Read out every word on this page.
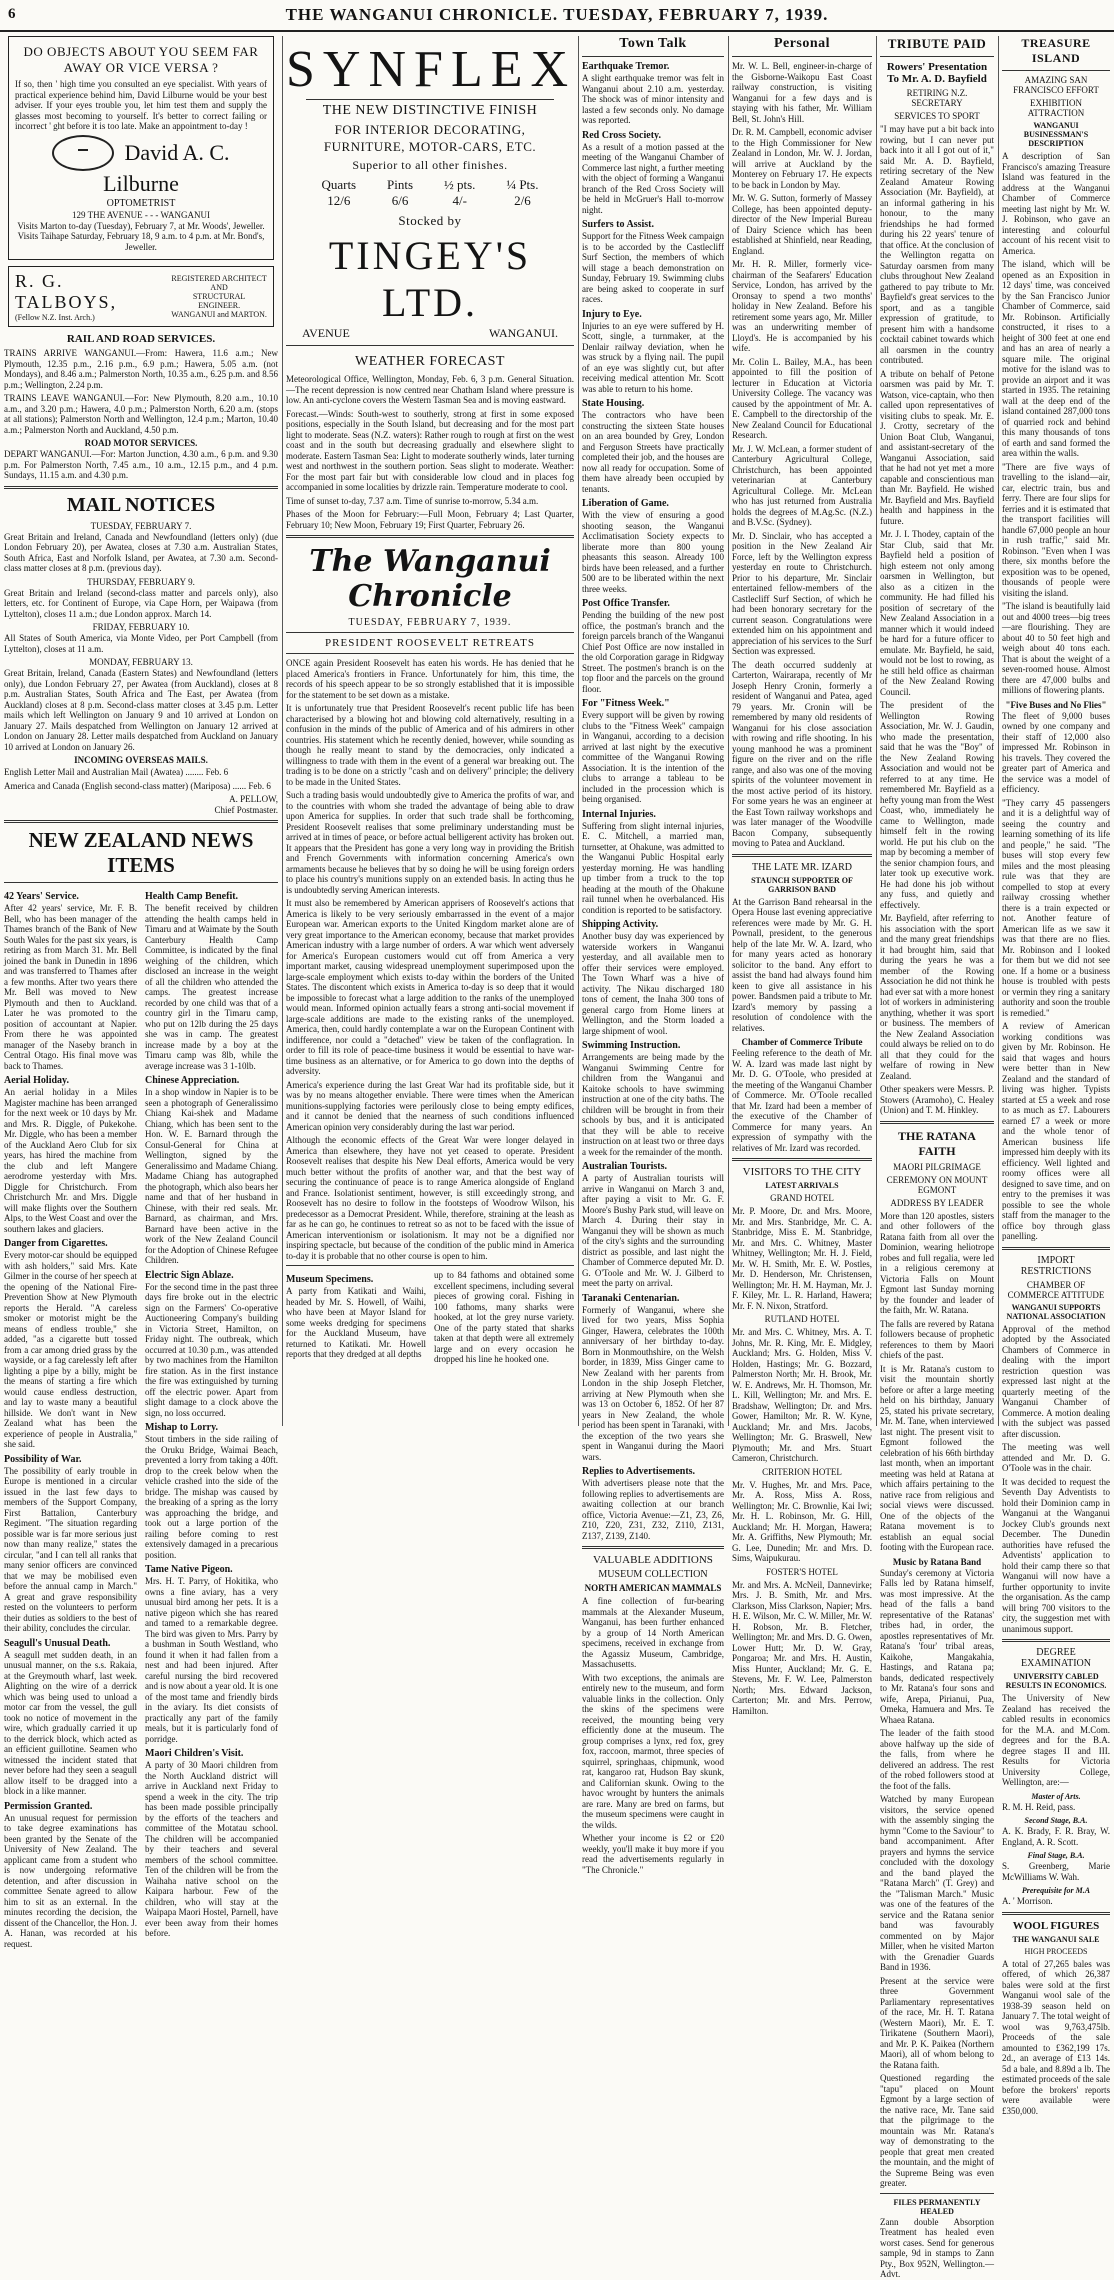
6	THE WANGANUI CHRONICLE. TUESDAY, FEBRUARY 7, 1939.
DO OBJECTS ABOUT YOU SEEM FAR AWAY OR VICE VERSA ?

If so, then ' high time you consulted an eye specialist. With years of practical experience behind him, David Lilburne would be your best adviser. If your eyes trouble you, let him test them and supply the glasses most becoming to yourself. It's better to correct failing or incorrect ' ght before it is too late. Make an appointment to-day !

David A. C. Lilburne
OPTOMETRIST
129 THE AVENUE - - - WANGANUI

Visits Marton to-day (Tuesday), February 7, at Mr. Woods', Jeweller. Visits Taihape Saturday, February 18, 9 a.m. to 4 p.m. at Mr. Bond's, Jeweller.

R. G. TALBOYS,
(Fellow N.Z. Inst. Arch.)
REGISTERED ARCHITECT
AND
STRUCTURAL ENGINEER.
WANGANUI and MARTON.
RAIL AND ROAD SERVICES.

TRAINS ARRIVE WANGANUI.—From: Hawera, 11.6 a.m.; New Plymouth, 12.35 p.m., 2.16 p.m., 6.9 p.m.; Hawera, 5.05 a.m. (not Mondays), and 8.46 a.m.; Palmerston North, 10.35 a.m., 6.25 p.m. and 8.56 p.m.; Wellington, 2.24 p.m.

TRAINS LEAVE WANGANUI.—For: New Plymouth, 8.20 a.m., 10.10 a.m., and 3.20 p.m.; Hawera, 4.0 p.m.; Palmerston North, 6.20 a.m. (stops at all stations); Palmerston North and Wellington, 12.4 p.m.; Marton, 10.40 a.m.; Palmerston North and Auckland, 4.50 p.m.

ROAD MOTOR SERVICES.

DEPART WANGANUI.—For: Marton Junction, 4.30 a.m., 6 p.m. and 9.30 p.m. For Palmerston North, 7.45 a.m., 10 a.m., 12.15 p.m., and 4 p.m. Sundays, 11.15 a.m. and 4.30 p.m.

MAIL NOTICES
TUESDAY, FEBRUARY 7.

Great Britain and Ireland, Canada and Newfoundland (letters only) (due London February 20), per Awatea, closes at 7.30 a.m. Australian States, South Africa, East and Norfolk Island, per Awatea, at 7.30 a.m. Second-class matter closes at 8 p.m. (previous day).

THURSDAY, FEBRUARY 9.

Great Britain and Ireland (second-class matter and parcels only), also letters, etc. for Continent of Europe, via Cape Horn, per Waipawa (from Lyttelton), closes 11 a.m.; due London approx. March 14.

FRIDAY, FEBRUARY 10.

All States of South America, via Monte Video, per Port Campbell (from Lyttelton), closes at 11 a.m.

MONDAY, FEBRUARY 13.

Great Britain, Ireland, Canada (Eastern States) and Newfoundland (letters only), due London February 27, per Awatea (from Auckland), closes at 8 p.m. Australian States, South Africa and The East, per Awatea (from Auckland) closes at 8 p.m. Second-class matter closes at 3.45 p.m. Letter mails which left Wellington on January 9 and 10 arrived at London on January 27. Mails despatched from Wellington on January 12 arrived at London on January 28. Letter mails despatched from Auckland on January 10 arrived at London on January 26.

INCOMING OVERSEAS MAILS.

English Letter Mail and Australian Mail (Awatea) ........ Feb. 6

America and Canada (English second-class matter) (Mariposa) ...... Feb. 6

A. PELLOW,

Chief Postmaster.

NEW ZEALAND NEWS ITEMS
42 Years' Service.

After 42 years' service, Mr. F. B. Bell, who has been manager of the Thames branch of the Bank of New South Wales for the past six years, is retiring as from March 31. Mr. Bell joined the bank in Dunedin in 1896 and was transferred to Thames after a few months. After two years there Mr. Bell was moved to New Plymouth and then to Auckland. Later he was promoted to the position of accountant at Napier. From there he was appointed manager of the Naseby branch in Central Otago. His final move was back to Thames.

Aerial Holiday.

An aerial holiday in a Miles Magister machine has been arranged for the next week or 10 days by Mr. and Mrs. R. Diggle, of Pukekohe. Mr. Diggle, who has been a member of the Auckland Aero Club for six years, has hired the machine from the club and left Mangere aerodrome yesterday with Mrs. Diggle for Christchurch. From Christchurch Mr. and Mrs. Diggle will make flights over the Southern Alps, to the West Coast and over the southern lakes and glaciers.

Danger from Cigarettes.

Every motor-car should be equipped with ash holders," said Mrs. Kate Gilmer in the course of her speech at the opening of the National Fire-Prevention Show at New Plymouth reports the Herald. "A careless smoker or motorist might be the means of endless trouble," she added, "as a cigarette butt tossed from a car among dried grass by the wayside, or a fag carelessly left after lighting a pipe by a billy, might be the means of starting a fire which would cause endless destruction, and lay to waste many a beautiful hillside. We don't want in New Zealand what has been the experience of people in Australia," she said.

Possibility of War.

The possibility of early trouble in Europe is mentioned in a circular issued in the last few days to members of the Support Company, First Battalion, Canterbury Regiment. "The situation regarding possible war is far more serious just now than many realize," states the circular, "and I can tell all ranks that many senior officers are convinced that we may be mobilised even before the annual camp in March." A great and grave responsibility rested on the volunteers to perform their duties as soldiers to the best of their ability, concludes the circular.

Seagull's Unusual Death.

A seagull met sudden death, in an unusual manner, on the s.s. Rakaia, at the Greymouth wharf, last week. Alighting on the wire of a derrick which was being used to unload a motor car from the vessel, the gull took no notice of movement in the wire, which gradually carried it up to the derrick block, which acted as an efficient guillotine. Seamen who witnessed the incident stated that never before had they seen a seagull allow itself to be dragged into a block in a like manner.

Permission Granted.

An unusual request for permission to take degree examinations has been granted by the Senate of the University of New Zealand. The applicant came from a student who is now undergoing reformative detention, and after discussion in committee Senate agreed to allow him to sit as an external. In the minutes recording the decision, the dissent of the Chancellor, the Hon. J. A. Hanan, was recorded at his request.

Health Camp Benefit.

The benefit received by children attending the health camps held in Timaru and at Waimate by the South Canterbury Health Camp Committee, is indicated by the final weighing of the children, which disclosed an increase in the weight of all the children who attended the camps. The greatest increase recorded by one child was that of a country girl in the Timaru camp, who put on 12lb during the 25 days she was in camp. The greatest increase made by a boy at the Timaru camp was 8lb, while the average increase was 3 1-10lb.

Chinese Appreciation.

In a shop window in Napier is to be seen a photograph of Generalissimo Chiang Kai-shek and Madame Chiang, which has been sent to the Hon. W. E. Barnard through the Consul-General for China at Wellington, signed by the Generalissimo and Madame Chiang. Madame Chiang has autographed the photograph, which also bears her name and that of her husband in Chinese, with their red seals. Mr. Barnard, as chairman, and Mrs. Barnard have been active in the work of the New Zealand Council for the Adoption of Chinese Refugee Children.

Electric Sign Ablaze.

For the second time in the past three days fire broke out in the electric sign on the Farmers' Co-operative Auctioneering Company's building in Victoria Street, Hamilton, on Friday night. The outbreak, which occurred at 10.30 p.m., was attended by two machines from the Hamilton fire station. As in the first instance the fire was extinguished by turning off the electric power. Apart from slight damage to a clock above the sign, no loss occurred.

Mishap to Lorry.

Stout timbers in the side railing of the Oruku Bridge, Waimai Beach, prevented a lorry from taking a 40ft. drop to the creek below when the vehicle crashed into the side of the bridge. The mishap was caused by the breaking of a spring as the lorry was approaching the bridge, and took out a large portion of the railing before coming to rest extensively damaged in a precarious position.

Tame Native Pigeon.

Mrs. H. T. Parry, of Hokitika, who owns a fine aviary, has a very unusual bird among her pets. It is a native pigeon which she has reared and tamed to a remarkable degree. The bird was given to Mrs. Parry by a bushman in South Westland, who found it when it had fallen from a nest and had been injured. After careful nursing the bird recovered and is now about a year old. It is one of the most tame and friendly birds in the aviary. Its diet consists of practically any part of the family meals, but it is particularly fond of porridge.

Maori Children's Visit.

A party of 30 Maori children from the North Auckland district will arrive in Auckland next Friday to spend a week in the city. The trip has been made possible principally by the efforts of the teachers and committee of the Motatau school. The children will be accompanied by their teachers and several members of the school committee. Ten of the children will be from the Waihaha native school on the Kaipara harbour. Few of the children, who will stay at the Waipapa Maori Hostel, Parnell, have ever been away from their homes before.

SYNFLEX
THE NEW DISTINCTIVE FINISH
FOR INTERIOR DECORATING,
FURNITURE, MOTOR-CARS, ETC.
Superior to all other finishes.
Quarts
12/6
Pints
6/6
½ pts.
4/-
¼ Pts.
2/6
Stocked by
TINGEY'S LTD.
AVENUE	WANGANUI.
WEATHER FORECAST

Meteorological Office, Wellington, Monday, Feb. 6, 3 p.m. General Situation.—The recent depression is now centred near Chatham Island where pressure is low. An anti-cyclone covers the Western Tasman Sea and is moving eastward.

Forecast.—Winds: South-west to southerly, strong at first in some exposed positions, especially in the South Island, but decreasing and for the most part light to moderate. Seas (N.Z. waters): Rather rough to rough at first on the west coast and in the south but decreasing gradually and elsewhere slight to moderate. Eastern Tasman Sea: Light to moderate southerly winds, later turning west and northwest in the southern portion. Seas slight to moderate. Weather: For the most part fair but with considerable low cloud and in places fog accompanied in some localities by drizzle rain. Temperature moderate to cool.

Time of sunset to-day, 7.37 a.m. Time of sunrise to-morrow, 5.34 a.m.

Phases of the Moon for February:—Full Moon, February 4; Last Quarter, February 10; New Moon, February 19; First Quarter, February 26.

The Wanganui Chronicle
TUESDAY, FEBRUARY 7, 1939.
PRESIDENT ROOSEVELT RETREATS

ONCE again President Roosevelt has eaten his words. He has denied that he placed America's frontiers in France. Unfortunately for him, this time, the records of his speech appear to be so strongly established that it is impossible for the statement to be set down as a mistake.

It is unfortunately true that President Roosevelt's recent public life has been characterised by a blowing hot and blowing cold alternatively, resulting in a confusion in the minds of the public of America and of his admirers in other countries. His statement which he recently denied, however, while sounding as though he really meant to stand by the democracies, only indicated a willingness to trade with them in the event of a general war breaking out. The trading is to be done on a strictly "cash and on delivery" principle; the delivery to be made in the United States.

Such a trading basis would undoubtedly give to America the profits of war, and to the countries with whom she traded the advantage of being able to draw upon America for supplies. In order that such trade shall be forthcoming, President Roosevelt realises that some preliminary understanding must be arrived at in times of peace, or before actual belligerent activity has broken out. It appears that the President has gone a very long way in providing the British and French Governments with information concerning America's own armaments because he believes that by so doing he will be using foreign orders to place his country's munitions supply on an extended basis. In acting thus he is undoubtedly serving American interests.

It must also be remembered by American apprisers of Roosevelt's actions that America is likely to be very seriously embarrassed in the event of a major European war. American exports to the United Kingdom market alone are of very great importance to the American economy, because that market provides American industry with a large number of orders. A war which went adversely for America's European customers would cut off from America a very important market, causing widespread unemployment superimposed upon the large-scale employment which exists to-day within the borders of the United States. The discontent which exists in America to-day is so deep that it would be impossible to forecast what a large addition to the ranks of the unemployed would mean. Informed opinion actually fears a strong anti-social movement if large-scale additions are made to the existing ranks of the unemployed. America, then, could hardly contemplate a war on the European Continent with indifference, nor could a "detached" view be taken of the conflagration. In order to fill its role of peace-time business it would be essential to have war-time business as an alternative, or for America to go down into the depths of adversity.

America's experience during the last Great War had its profitable side, but it was by no means altogether enviable. There were times when the American munitions-supplying factories were perilously close to being empty edifices, and it cannot be denied that the nearness of such conditions influenced American opinion very considerably during the last war period.

Although the economic effects of the Great War were longer delayed in America than elsewhere, they have not yet ceased to operate. President Roosevelt realises that despite his New Deal efforts, America would be very much better without the profits of another war, and that the best way of securing the continuance of peace is to range America alongside of England and France. Isolationist sentiment, however, is still exceedingly strong, and Roosevelt has no desire to follow in the footsteps of Woodrow Wilson, his predecessor as a Democrat President. While, therefore, straining at the leash as far as he can go, he continues to retreat so as not to be faced with the issue of American interventionism or isolationism. It may not be a dignified nor inspiring spectacle, but because of the condition of the public mind in America to-day it is probable that no other course is open to him.

Museum Specimens.

A party from Katikati and Waihi, headed by Mr. S. Howell, of Waihi, who have been at Mayor Island for some weeks dredging for specimens for the Auckland Museum, have returned to Katikati. Mr. Howell reports that they dredged at all depths

up to 84 fathoms and obtained some excellent specimens, including several pieces of growing coral. Fishing in 100 fathoms, many sharks were hooked, at lot the grey nurse variety. One of the party stated that sharks taken at that depth were all extremely large and on every occasion he dropped his line he hooked one.

Town Talk
Earthquake Tremor.

A slight earthquake tremor was felt in Wanganui about 2.10 a.m. yesterday. The shock was of minor intensity and lasted a few seconds only. No damage was reported.

Red Cross Society.

As a result of a motion passed at the meeting of the Wanganui Chamber of Commerce last night, a further meeting with the object of forming a Wanganui branch of the Red Cross Society will be held in McGruer's Hall to-morrow night.

Surfers to Assist.

Support for the Fitness Week campaign is to be accorded by the Castlecliff Surf Section, the members of which will stage a beach demonstration on Sunday, February 19. Swimming clubs are being asked to cooperate in surf races.

Injury to Eye.

Injuries to an eye were suffered by H. Scott, single, a turnmaker, at the Denlair railway deviation, when he was struck by a flying nail. The pupil of an eye was slightly cut, but after receiving medical attention Mr. Scott was able to return to his home.

State Housing.

The contractors who have been constructing the sixteen State houses on an area bounded by Grey, London and Ferguson Streets have practically completed their job, and the houses are now all ready for occupation. Some of them have already been occupied by tenants.

Liberation of Game.

With the view of ensuring a good shooting season, the Wanganui Acclimatisation Society expects to liberate more than 800 young pheasants this season. Already 100 birds have been released, and a further 500 are to be liberated within the next three weeks.

Post Office Transfer.

Pending the building of the new post office, the postman's branch and the foreign parcels branch of the Wanganui Chief Post Office are now installed in the old Corporation garage in Ridgway Street. The postmen's branch is on the top floor and the parcels on the ground floor.

For "Fitness Week."

Every support will be given by rowing clubs to the "Fitness Week" campaign in Wanganui, according to a decision arrived at last night by the executive committee of the Wanganui Rowing Association. It is the intention of the clubs to arrange a tableau to be included in the procession which is being organised.

Internal Injuries.

Suffering from slight internal injuries, E. C. Mitchell, a married man, turnsetter, at Ohakune, was admitted to the Wanganui Public Hospital early yesterday morning. He was handling up timber from a truck to the top heading at the mouth of the Ohakune rail tunnel when he overbalanced. His condition is reported to be satisfactory.

Shipping Activity.

Another busy day was experienced by waterside workers in Wanganui yesterday, and all available men to offer their services were employed. The Town Wharf was a hive of activity. The Nikau discharged 180 tons of cement, the Inaha 300 tons of general cargo from Home liners at Wellington, and the Storm loaded a large shipment of wool.

Swimming Instruction.

Arrangements are being made by the Wanganui Swimming Centre for children from the Wanganui and Kaitoke schools to have swimming instruction at one of the city baths. The children will be brought in from their schools by bus, and it is anticipated that they will be able to receive instruction on at least two or three days a week for the remainder of the month.

Australian Tourists.

A party of Australian tourists will arrive in Wanganui on March 3 and, after paying a visit to Mr. G. F. Moore's Bushy Park stud, will leave on March 4. During their stay in Wanganui they will be shown as much of the city's sights and the surrounding district as possible, and last night the Chamber of Commerce deputed Mr. D. G. O'Toole and Mr. W. J. Gilberd to meet the party on arrival.

Taranaki Centenarian.

Formerly of Wanganui, where she lived for two years, Miss Sophia Ginger, Hawera, celebrates the 100th anniversary of her birthday to-day. Born in Monmouthshire, on the Welsh border, in 1839, Miss Ginger came to New Zealand with her parents from London in the ship Joseph Fletcher, arriving at New Plymouth when she was 13 on October 6, 1852. Of her 87 years in New Zealand, the whole period has been spent in Taranaki, with the exception of the two years she spent in Wanganui during the Maori wars.

Replies to Advertisements.

With advertisers please note that the following replies to advertisements are awaiting collection at our branch office, Victoria Avenue:—Z1, Z3, Z6, Z10, Z20, Z31, Z32, Z110, Z131, Z137, Z139, Z140.

VALUABLE ADDITIONS
MUSEUM COLLECTION
NORTH AMERICAN MAMMALS

A fine collection of fur-bearing mammals at the Alexander Museum, Wanganui, has been further enhanced by a group of 14 North American specimens, received in exchange from the Agassiz Museum, Cambridge, Massachusetts.

With two exceptions, the animals are entirely new to the museum, and form valuable links in the collection. Only the skins of the specimens were received, the mounting being very efficiently done at the museum. The group comprises a lynx, red fox, grey fox, raccoon, marmot, three species of squirrel, springhaas, chipmunk, wood rat, kangaroo rat, Hudson Bay skunk, and Californian skunk. Owing to the havoc wrought by hunters the animals are rare. Many are bred on farms, but the museum specimens were caught in the wilds.

Whether your income is £2 or £20 weekly, you'll make it buy more if you read the advertisements regularly in "The Chronicle."

Personal

Mr. W. L. Bell, engineer-in-charge of the Gisborne-Waikopu East Coast railway construction, is visiting Wanganui for a few days and is staying with his father, Mr. William Bell, St. John's Hill.

Dr. R. M. Campbell, economic adviser to the High Commissioner for New Zealand in London, Mr. W. J. Jordan, will arrive at Auckland by the Monterey on February 17. He expects to be back in London by May.

Mr. W. G. Sutton, formerly of Massey College, has been appointed deputy-director of the New Imperial Bureau of Dairy Science which has been established at Shinfield, near Reading, England.

Mr. H. R. Miller, formerly vice-chairman of the Seafarers' Education Service, London, has arrived by the Oronsay to spend a two months' holiday in New Zealand. Before his retirement some years ago, Mr. Miller was an underwriting member of Lloyd's. He is accompanied by his wife.

Mr. Colin L. Bailey, M.A., has been appointed to fill the position of lecturer in Education at Victoria University College. The vacancy was caused by the appointment of Mr. A. E. Campbell to the directorship of the New Zealand Council for Educational Research.

Mr. J. W. McLean, a former student of Canterbury Agricultural College, Christchurch, has been appointed veterinarian at Canterbury Agricultural College. Mr. McLean who has just returned from Australia holds the degrees of M.Ag.Sc. (N.Z.) and B.V.Sc. (Sydney).

Mr. D. Sinclair, who has accepted a position in the New Zealand Air Force, left by the Wellington express yesterday en route to Christchurch. Prior to his departure, Mr. Sinclair entertained fellow-members of the Castlecliff Surf Section, of which he had been honorary secretary for the current season. Congratulations were extended him on his appointment and appreciation of his services to the Surf Section was expressed.

The death occurred suddenly at Carterton, Wairarapa, recently of Mr Joseph Henry Cronin, formerly a resident of Wanganui and Patea, aged 79 years. Mr. Cronin will be remembered by many old residents of Wanganui for his close association with rowing and rifle shooting. In his young manhood he was a prominent figure on the river and on the rifle range, and also was one of the moving spirits of the volunteer movement in the most active period of its history. For some years he was an engineer at the East Town railway workshops and was later manager of the Woodville Bacon Company, subsequently moving to Patea and Auckland.

THE LATE MR. IZARD
STAUNCH SUPPORTER OF GARRISON BAND

At the Garrison Band rehearsal in the Opera House last evening appreciative references were made by Mr. G. H. Pownall, president, to the generous help of the late Mr. W. A. Izard, who for many years acted as honorary solicitor to the band. Any effort to assist the band had always found him keen to give all assistance in his power. Bandsmen paid a tribute to Mr. Izard's memory by passing a resolution of condolence with the relatives.

Chamber of Commerce Tribute

Feeling reference to the death of Mr. W. A. Izard was made last night by Mr. D. G. O'Toole, who presided at the meeting of the Wanganui Chamber of Commerce. Mr. O'Toole recalled that Mr. Izard had been a member of the executive of the Chamber of Commerce for many years. An expression of sympathy with the relatives of Mr. Izard was recorded.

VISITORS TO THE CITY
LATEST ARRIVALS
GRAND HOTEL

Mr. P. Moore, Dr. and Mrs. Moore, Mr. and Mrs. Stanbridge, Mr. C. A. Stanbridge, Miss E. M. Stanbridge, Mr. and Mrs. C. Whitney, Master Whitney, Wellington; Mr. H. J. Field, Mr. W. H. Smith, Mr. E. W. Postles, Mr. D. Henderson, Mr. Christensen, Wellington; Mr. H. M. Hayman, Mr. J. F. Kiley, Mr. L. R. Harland, Hawera; Mr. F. N. Nixon, Stratford.

RUTLAND HOTEL

Mr. and Mrs. C. Whitney, Mrs. A. T. Johns, Mr. R. King, Mr. E. Midgley, Auckland; Mrs. G. Holden, Miss V. Holden, Hastings; Mr. G. Bozzard, Palmerston North; Mr. H. Brook, Mr. W. E. Andrews, Mr. H. Thomson, Mr. L. Kill, Wellington; Mr. and Mrs. E. Bradshaw, Wellington; Dr. and Mrs. Gower, Hamilton; Mr. R. W. Kyne, Auckland; Mr. and Mrs. Jacobs, Wellington; Mr. G. Braswell, New Plymouth; Mr. and Mrs. Stuart Cameron, Christchurch.

CRITERION HOTEL

Mr. V. Hughes, Mr. and Mrs. Pace, Mr. A. Ross, Miss A. Ross, Wellington; Mr. C. Brownlie, Kai Iwi; Mr. H. L. Robinson, Mr. G. Hill, Auckland; Mr. H. Morgan, Hawera; Mr. A. Griffiths, New Plymouth; Mr. G. Lee, Dunedin; Mr. and Mrs. D. Sims, Waipukurau.

FOSTER'S HOTEL

Mr. and Mrs. A. McNeil, Dannevirke; Mrs. J. B. Smith, Mr. and Mrs. Clarkson, Miss Clarkson, Napier; Mrs. H. E. Wilson, Mr. C. W. Miller, Mr. W. H. Robson, Mr. B. Fletcher, Wellington; Mr. and Mrs. D. G. Owen, Lower Hutt; Mr. D. W. Gray, Pongaroa; Mr. and Mrs. H. Austin, Miss Hunter, Auckland; Mr. G. E. Stevens, Mr. F. W. Lee, Palmerston North; Mrs. Edward Jackson, Carterton; Mr. and Mrs. Perrow, Hamilton.

TRIBUTE PAID
Rowers' Presentation To Mr. A. D. Bayfield
RETIRING N.Z. SECRETARY
SERVICES TO SPORT

"I may have put a bit back into rowing, but I can never put back into it all I got out of it," said Mr. A. D. Bayfield, retiring secretary of the New Zealand Amateur Rowing Association (Mr. Bayfield), at an informal gathering in his honour, to the many friendships he had formed during his 22 years' tenure of that office. At the conclusion of the Wellington regatta on Saturday oarsmen from many clubs throughout New Zealand gathered to pay tribute to Mr. Bayfield's great services to the sport, and as a tangible expression of gratitude, to present him with a handsome cocktail cabinet towards which all oarsmen in the country contributed.

A tribute on behalf of Petone oarsmen was paid by Mr. T. Watson, vice-captain, who then called upon representatives of visiting clubs to speak. Mr. E. J. Crotty, secretary of the Union Boat Club, Wanganui, and assistant-secretary of the Wanganui Association, said that he had not yet met a more capable and conscientious man than Mr. Bayfield. He wished Mr. Bayfield and Mrs. Bayfield health and happiness in the future.

Mr. J. I. Thodey, captain of the Star Club, said that Mr. Bayfield held a position of high esteem not only among oarsmen in Wellington, but also as a citizen in the community. He had filled his position of secretary of the New Zealand Association in a manner which it would indeed be hard for a future officer to emulate. Mr. Bayfield, he said, would not be lost to rowing, as he still held office as chairman of the New Zealand Rowing Council.

The president of the Wellington Rowing Association, Mr. W. J. Gaudin, who made the presentation, said that he was the "Boy" of the New Zealand Rowing Association and would not be referred to at any time. He remembered Mr. Bayfield as a hefty young man from the West Coast, who, immediately he came to Wellington, made himself felt in the rowing world. He put his club on the map by becoming a member of the senior champion fours, and later took up executive work. He had done his job without any fuss, and quietly and effectively.

Mr. Bayfield, after referring to his association with the sport and the many great friendships it had brought him, said that during the years he was a member of the Rowing Association he did not think he had ever sat with a more honest lot of workers in administering anything, whether it was sport or business. The members of the New Zealand Association could always be relied on to do all that they could for the welfare of rowing in New Zealand.

Other speakers were Messrs. P. Stowers (Aramoho), C. Healey (Union) and T. M. Hinkley.

THE RATANA FAITH
MAORI PILGRIMAGE
CEREMONY ON MOUNT EGMONT
ADDRESS BY LEADER

More than 120 apostles, sisters and other followers of the Ratana faith from all over the Dominion, wearing heliotrope robes and full regalia, were led in a religious ceremony at Victoria Falls on Mount Egmont last Sunday morning by the founder and leader of the faith, Mr. W. Ratana.

The falls are revered by Ratana followers because of prophetic references to them by Maori chiefs of the past.

It is Mr. Ratana's custom to visit the mountain shortly before or after a large meeting held on his birthday, January 25, stated his private secretary, Mr. M. Tane, when interviewed last night. The present visit to Egmont followed the celebration of his 66th birthday last month, when an important meeting was held at Ratana at which affairs pertaining to the native race from religious and social views were discussed. One of the objects of the Ratana movement is to establish an equal social footing with the European race.

Music by Ratana Band

Sunday's ceremony at Victoria Falls led by Ratana himself, was most impressive. At the head of the falls a band representative of the Ratanas' tribes had, in order, the apostles representatives of Mr. Ratana's 'four' tribal areas, Kaikohe, Mangakahia, Hastings, and Ratana pa; bands, dedicated respectively to Mr. Ratana's four sons and wife, Arepa, Pirianui, Pua, Omeka, Hamuera and Mrs. Te Whaea Ratana.

The leader of the faith stood above halfway up the side of the falls, from where he delivered an address. The rest of the robed followers stood at the foot of the falls.

Watched by many European visitors, the service opened with the assembly singing the hymn "Come to the Saviour" to band accompaniment. After prayers and hymns the service concluded with the doxology and the band played the "Ratana March" (T. Grey) and the "Talisman March." Music was one of the features of the service and the Ratana senior band was favourably commented on by Major Miller, when he visited Marton with the Grenadier Guards Band in 1936.

Present at the service were three Government Parliamentary representatives of the race, Mr. H. T. Ratana (Western Maori), Mr. E. T. Tirikatene (Southern Maori), and Mr. P. K. Paikea (Northern Maori), all of whom belong to the Ratana faith.

Questioned regarding the "tapu" placed on Mount Egmont by a large section of the native race, Mr. Tane said that the pilgrimage to the mountain was Mr. Ratana's way of demonstrating to the people that great men created the mountain, and the might of the Supreme Being was even greater.

FILES PERMANENTLY HEALED

Zann double Absorption Treatment has healed even worst cases. Send for generous sample, 9d in stamps to Zann Pty., Box 952N, Wellington.—Advt.

TREASURE ISLAND
AMAZING SAN FRANCISCO EFFORT
EXHIBITION ATTRACTION
WANGANUI BUSINESSMAN'S DESCRIPTION

A description of San Francisco's amazing Treasure Island was featured in the address at the Wanganui Chamber of Commerce meeting last night by Mr. W. J. Robinson, who gave an interesting and colourful account of his recent visit to America.

The island, which will be opened as an Exposition in 12 days' time, was conceived by the San Francisco Junior Chamber of Commerce, said Mr. Robinson. Artificially constructed, it rises to a height of 300 feet at one end and has an area of nearly a square mile. The original motive for the island was to provide an airport and it was started in 1935. The retaining wall at the deep end of the island contained 287,000 tons of quarried rock and behind this many thousands of tons of earth and sand formed the area within the walls.

"There are five ways of travelling to the island—air, car, electric train, bus and ferry. There are four slips for ferries and it is estimated that the transport facilities will handle 67,000 people an hour in rush traffic," said Mr. Robinson. "Even when I was there, six months before the exposition was to be opened, thousands of people were visiting the island.

"The island is beautifully laid out and 4000 trees—big trees—are flourishing. They are about 40 to 50 feet high and weigh about 40 tons each. That is about the weight of a seven-roomed house. Almost there are 47,000 bulbs and millions of flowering plants.

"Five Buses and No Flies"

The fleet of 9,000 buses owned by one company and their staff of 12,000 also impressed Mr. Robinson in his travels. They covered the greater part of America and the service was a model of efficiency.

"They carry 45 passengers and it is a delightful way of seeing the country and learning something of its life and people," he said. "The buses will stop every few miles and the most pleasing rule was that they are compelled to stop at every railway crossing whether there is a train expected or not. Another feature of American life as we saw it was that there are no flies. Mr. Robinson and I looked for them but we did not see one. If a home or a business house is troubled with pests or vermin they ring a sanitary authority and soon the trouble is remedied."

A review of American working conditions was given by Mr. Robinson. He said that wages and hours were better than in New Zealand and the standard of living was higher. Typists started at £5 a week and rose to as much as £7. Labourers earned £7 a week or more and the whole tenor of American business life impressed him deeply with its efficiency. Well lighted and roomy offices were all designed to save time, and on entry to the premises it was possible to see the whole staff from the manager to the office boy through glass panelling.

IMPORT RESTRICTIONS
CHAMBER OF COMMERCE ATTITUDE
WANGANUI SUPPORTS NATIONAL ASSOCIATION

Approval of the method adopted by the Associated Chambers of Commerce in dealing with the import restriction question was expressed last night at the quarterly meeting of the Wanganui Chamber of Commerce. A motion dealing with the subject was passed after discussion.

The meeting was well attended and Mr. D. G. O'Toole was in the chair.

It was decided to request the Seventh Day Adventists to hold their Dominion camp in Wanganui at the Wanganui Jockey Club's grounds next December. The Dunedin authorities have refused the Adventists' application to hold their camp there so that Wanganui will now have a further opportunity to invite the organisation. As the camp will bring 700 visitors to the city, the suggestion met with unanimous support.

DEGREE EXAMINATION
UNIVERSITY CABLED RESULTS IN ECONOMICS.

The University of New Zealand has received the cabled results in economics for the M.A. and M.Com. degrees and for the B.A. degree stages II and III. Results for Victoria University College, Wellington, are:—

Master of Arts.

R. M. H. Reid, pass.

Second Stage, B.A.

A. K. Brady, F. R. Bray, W. England, A. R. Scott.

Final Stage, B.A.

S. Greenberg, Marie McWilliams W. Wah.

Prerequisite for M.A

A. ' Morrison.

WOOL FIGURES
THE WANGANUI SALE
HIGH PROCEEDS

A total of 27,265 bales was offered, of which 26,387 bales were sold at the first Wanganui wool sale of the 1938-39 season held on January 7. The total weight of wool was 9,763,475lb. Proceeds of the sale amounted to £362,199 17s. 2d., an average of £13 14s. 5d a bale, and 8.89d a lb. The estimated proceeds of the sale before the brokers' reports were available were £350,000.
